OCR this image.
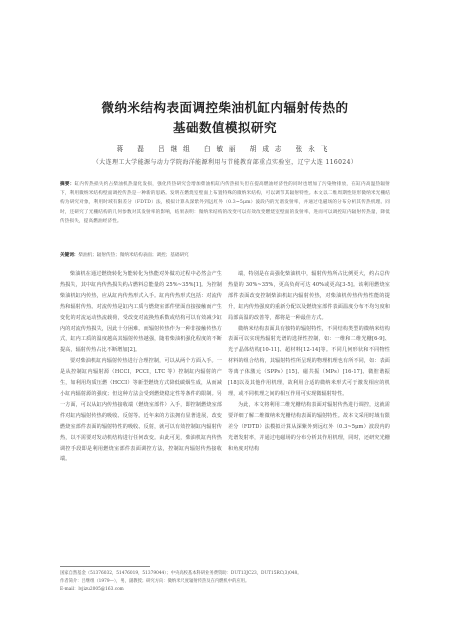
微纳米结构表面调控柴油机缸内辐射传热的
基础数值模拟研究
蒋 磊 吕继组 白敏丽 胡成志 张永飞
（大连理工大学能源与动力学院海洋能源利用与节能教育部重点实验室，辽宁大连 116024）
摘要：缸内传热损失约占柴油机热量化发损，强化传热研究会增加柴油机缸内传热损失但在提高燃油经济性的同时也增加了污染物排放，在缸内高温热辐射下，利用微纳米结构壁面调控传热是一种新的思路。发明在燃烧室壁面上布置特殊的微纳米结构，可以调节其辐射特性。本文以二维周期性矩形微纳米光栅结构为研究对象，利用时域有限差分（FDTD）法，模拟计算从深紫外到远红外（0.3~5μm）波段内的光谱发射率，并通过电磁场的分布分析其传热机理。同时，还研究了光栅结构的几何参数对其发射率的影响，结果表明：微纳米结构的改变可以有效改变燃烧室壁面的发射率，进而可以调控缸内辐射传热量，降低传热损失，提高燃油经济性。
关键词：柴油机；辐射传热；微纳米结构表面；调控；基础研究

柴油机在通过燃烧转化为能转化为热能对外做功过程中必然会产生热损失，其中缸内传热损失约占燃料总能量的 25%~35%[1]。为控制柴油机缸内传热，应从缸内传热形式入手。缸内传热形式包括：对流传热和辐射传热。对流传热是缸内工质与燃烧室部件壁面直接接触而产生变化的对流运动热流载荷，受改变对流换热系数或结构可以有效减少缸内的对流传热损失，因此十分困难。而辐射传热作为一种非接触传热方式，缸内工质的温度越高其辐射传热越强，随着柴油机强化程度的不断提高，辐射传热占比不断增加[2]。

要对柴油机缸内辐射传热进行合理控制，可以从两个方面入手。一是从控制缸内辐射源（HCCI，PCCI，LTC 等）控制缸内辐射的产生，如利用均质压燃（HCCI）等新型燃烧方式降低碳烟生成，从而减小缸内辐射源的强度；但这种方法会受到燃烧稳定性等条件的限制。另一方面，可以从缸内传热接收端（燃烧室部件）入手，即控制燃烧室部件对缸内辐射传热的吸收、反射等。近年来的方法拥有显著进展，改变燃烧室部件表面的辐射特性的吸收、反射，就可以有效控制缸内辐射传热，以不需要对发动机结构进行任何改变。由此可见，柴油机缸内传热调控手段即是利用燃烧室部件表面调控方法，控制缸内辐射传热接收端。

端，特别是在高强化柴油机中，辐射传热所占比例更大，约占总传热量的 30%~35%，更高负荷可达 40%或更高[3-5]。该利用燃烧室部件表面改变控制柴油机缸内辐射传热，对柴油机传热传热性能的提升，缸内传热强度的重新分配以及燃烧室部件表面温度分布不均匀度和局部高温的改善等，都将是一种最佳方式。

微纳米结构表面具有独特的辐射特性，不同结构类型的微纳米结构表面可以实现热辐射光谱的选择性控制，如：一维和二维光栅[6-9]、光子晶体结构[10-11]、超材料[12-14]等。不同几何形状和不同物性材料的组合结构，其辐射特性所呈现的物理机理也有所不同，如：表面等离子体激元（SPPs）[15]、磁共振（MPs）[16-17]、微腔谐振[18]以及其他作用机理，故利用合适的微纳米形式可于激发相应的机理，或不同机理之间的相互作用可实现微辐射特性。

为此，本文将利用二维光栅结构表面对辐射传热进行调控，这就需要详细了解二维微纳米光栅结构表面的辐射特性。故本文采用时域有限差分（FDTD）法模拟计算从深紫外到远红外（0.3~5μm）波段内的光谱发射率，并通过电磁场的分布分析其作用机理，同时，还研究光栅和角度对结构

国家自然基金（51376032，51476019，51379044）；中央高校基本科研业务费资助：DUT13JC23，DUT15RC(3)048。
作者简介：吕继组（1979—），男，副教授；研究方向：微纳米尺度辐射传热及在内燃机中的应用。
E-mail：lvjizu2005@163.com
